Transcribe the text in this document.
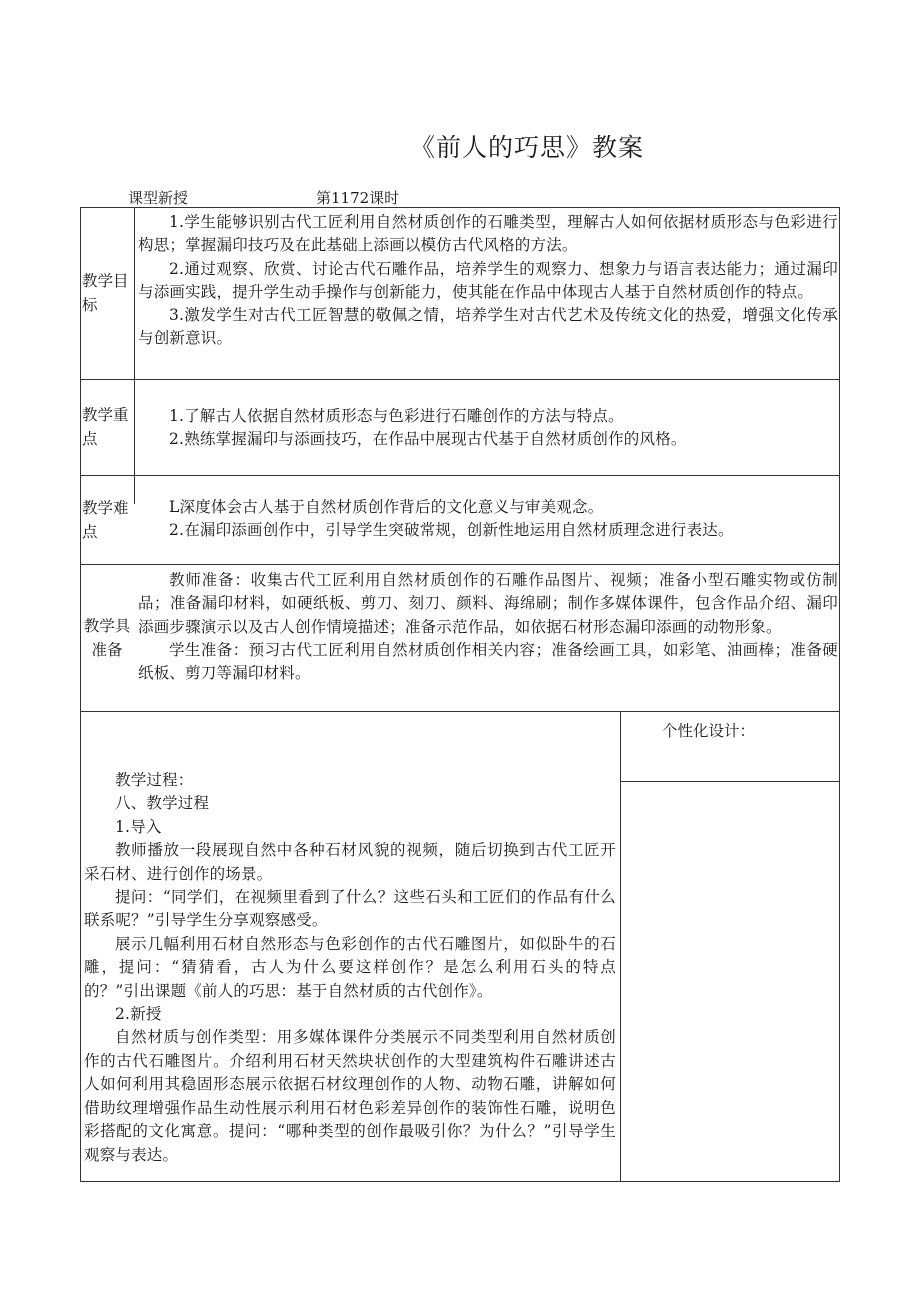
《前人的巧思》教案
课型新授	第1172课时
教学目标

1.学生能够识别古代工匠利用自然材质创作的石雕类型，理解古人如何依据材质形态与色彩进行构思；掌握漏印技巧及在此基础上添画以模仿古代风格的方法。

2.通过观察、欣赏、讨论古代石雕作品，培养学生的观察力、想象力与语言表达能力；通过漏印与添画实践，提升学生动手操作与创新能力，使其能在作品中体现古人基于自然材质创作的特点。

3.激发学生对古代工匠智慧的敬佩之情，培养学生对古代艺术及传统文化的热爱，增强文化传承与创新意识。

教学重点

1.了解古人依据自然材质形态与色彩进行石雕创作的方法与特点。

2.熟练掌握漏印与添画技巧，在作品中展现古代基于自然材质创作的风格。

教学难点

L深度体会古人基于自然材质创作背后的文化意义与审美观念。

2.在漏印添画创作中，引导学生突破常规，创新性地运用自然材质理念进行表达。

教学具准备

教师准备：收集古代工匠利用自然材质创作的石雕作品图片、视频；准备小型石雕实物或仿制品；准备漏印材料，如硬纸板、剪刀、刻刀、颜料、海绵刷；制作多媒体课件，包含作品介绍、漏印添画步骤演示以及古人创作情境描述；准备示范作品，如依据石材形态漏印添画的动物形象。

学生准备：预习古代工匠利用自然材质创作相关内容；准备绘画工具，如彩笔、油画棒；准备硬纸板、剪刀等漏印材料。

教学过程：

八、教学过程

1.导入

教师播放一段展现自然中各种石材风貌的视频，随后切换到古代工匠开采石材、进行创作的场景。

提问：“同学们，在视频里看到了什么？这些石头和工匠们的作品有什么联系呢？”引导学生分享观察感受。

展示几幅利用石材自然形态与色彩创作的古代石雕图片，如似卧牛的石雕，提问：“猜猜看，古人为什么要这样创作？是怎么利用石头的特点的？”引出课题《前人的巧思：基于自然材质的古代创作》。

2.新授

自然材质与创作类型：用多媒体课件分类展示不同类型利用自然材质创作的古代石雕图片。介绍利用石材天然块状创作的大型建筑构件石雕讲述古人如何利用其稳固形态展示依据石材纹理创作的人物、动物石雕，讲解如何借助纹理增强作品生动性展示利用石材色彩差异创作的装饰性石雕，说明色彩搭配的文化寓意。提问：“哪种类型的创作最吸引你？为什么？”引导学生观察与表达。

个性化设计：
